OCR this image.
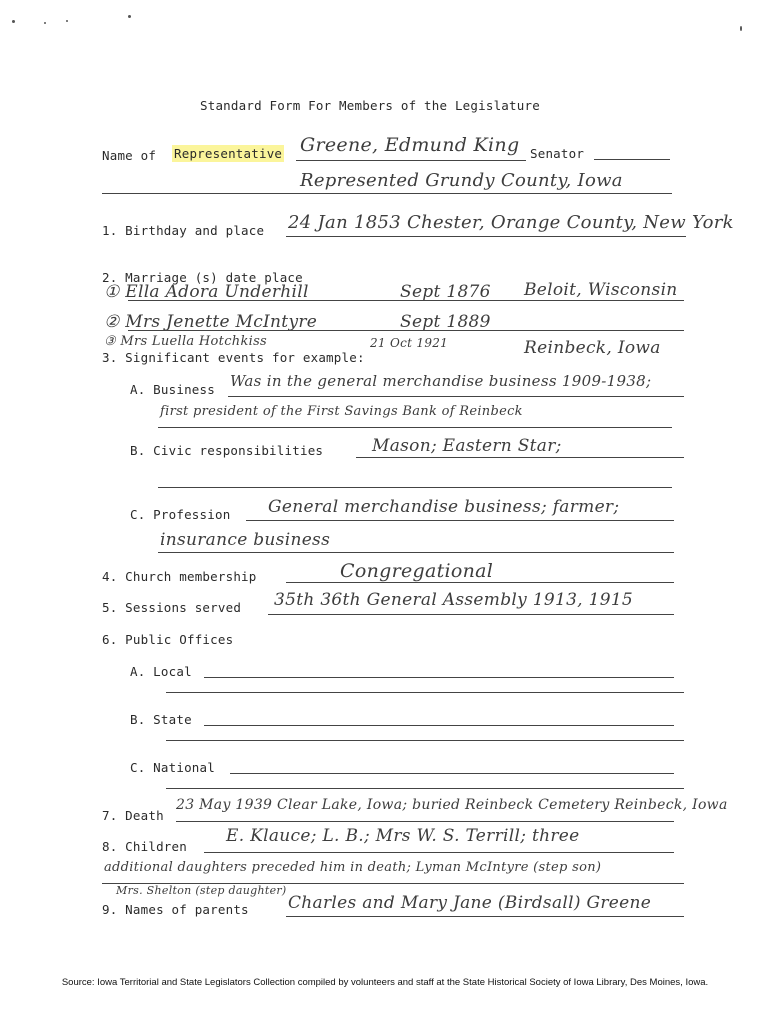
Standard Form For Members of the Legislature
Name of Representative Greene, Edmund King Senator
Represented Grundy County, Iowa
1. Birthday and place 24 Jan 1853 Chester, Orange County, New York
2. Marriage (s) date place
① Ella Adora Underhill	Sept 1876 Beloit, Wisconsin
② Mrs Jenette McIntyre	Sept 1889
③ Mrs Luella Hotchkiss	21 Oct 1921	Reinbeck, Iowa
3. Significant events for example:
A. Business Was in the general merchandise business 1909-1938;
first president of the First Savings Bank of Reinbeck
B. Civic responsibilities	Mason; Eastern Star;
C. Profession General merchandise business; farmer;
insurance business
4. Church membership	Congregational
5. Sessions served 35th 36th General Assembly 1913, 1915
6. Public Offices
A. Local
B. State
C. National
7. Death
23 May 1939 Clear Lake, Iowa; buried Reinbeck Cemetery Reinbeck, Iowa
8. Children
E. Klauce; L. B.; Mrs W. S. Terrill; three
additional daughters preceded him in death; Lyman McIntyre (step son)
Mrs. Shelton (step daughter)
9. Names of parents Charles and Mary Jane (Birdsall) Greene
Source: Iowa Territorial and State Legislators Collection compiled by volunteers and staff at the State Historical Society of Iowa Library, Des Moines, Iowa.
